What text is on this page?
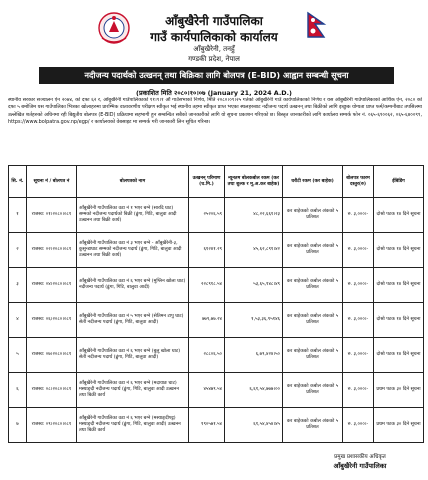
आँबुखैरेनी गाउँपालिका
गाउँ कार्यपालिकाको कार्यालय
आँबुखैरेनी, तनहुँ
गण्डकी प्रदेश, नेपाल
नदीजन्य पदार्थको उत्खनन् तथा बिक्रिका लागि बोलपत्र (E-BID) आह्वान सम्बन्धी सूचना
(प्रकाशित मिति २०८०।१०।०७ (January 21, 2024 A.D.)
स्थानीय सरकार सञ्चालन ऐन २०७४, को दफा ६२ र, आँबुखैरेनी गाउँपालिकाको ११।९।१ औं गाउँसभाको निर्णय, मिति २०८०।०९।२५ गतेको आँबुखैरेनी गाउँ कार्यपालिकाको निर्णय र यस आँबुखैरेनी गाउँपालिकाको आर्थिक ऐन, २०८० को दफा ५ बमोजिम यस गाउँपालिका भित्रका खोलाहरुमा प्रारम्भिक वातावरणीय परीक्षण स्वीकृत भई स्थानीय तहमा स्वीकृत प्राप्त भएका स्थलहरुबाट नदीजन्य पदार्थ उत्खनन् तथा बिक्रीको लागि इच्छुक योग्यता प्राप्त फर्म/कम्पनीबाट तपसिलमा उल्लेखित शर्तहरुको अधिनमा रही बिद्युतीय बोलपत्र (E-BID) प्रक्रियामा सहभागी हुन सम्बन्धित सबैको जानकारीको लागि यो सूचना प्रकाशन गरिएको छ। बिस्तृत जानकारीको लागि कार्यालय सम्पर्क फोन नं. ०६५-६९००६२, ०६५-६४००९९, https://www.bolpatra.gov.np/egp/ र कार्यालयको वेबसाइट मा सम्पर्क गरी जानकारी लिन सूचित गरिन्छ।
सि. नं.	सूचना नं / बोलपत्र नं	बोलपत्रको नाम	उत्खनन् परिमाण (घ.मि.)	न्यूनतम बोलकबोल रकम (कर तथा शुल्क र मू.अ.कर बाहेक)	धरौटी रकम (कर बाहेक)	बोलपत्र फारम दस्तुर(रु)	ईबिडिंग
१	राजस्व: ०१।२०८०।०८१	आँबुखैरेनी गाउँपालिका वडा नं १ भएर बग्ने (सारदि घाट) सम्मको नदीजन्य पदार्थको बिक्री (ढुंगा, गिटि, बालुवा आदी उत्खनन तथा बिक्री कार्य)	२५२०६.५९	४८,२२,६६१।२३	कर बाहेकको कबोल अंकको ५ प्रतिशत	रु. ३,०००।-	दोश्रो पटक १४ दिने सूचना
२	राजस्व: ०२।२०८०।०८१	आँबुखैरेनी गाउँपालिका वडा नं ३ भएर बग्ने - आँबुखैरेनी-३, कुसुन्डाघाट सम्मको नदीजन्य पदार्थ (ढुंगा, गिटि, बालुवा आदी उत्खनन तथा बिक्री कार्य)	६१२४१.२९	४५,६२,८९१।४२	कर बाहेकको कबोल अंकको ५ प्रतिशत	रु. ३,०००।-	दोश्रो पटक १४ दिने सूचना
३	राजस्व: ०४।२०८०।०८१	आँबुखैरेनी गाउँपालिका वडा नं ६ भएर बग्ने (मुग्लिन खोला घाट) नदीजन्य पदार्थ (ढुंगा, गिटि, बालुवा आदी)	२२८९१८.५४	५३,६५,१४८।४९	कर बाहेकको कबोल अंकको ५ प्रतिशत	रु. ३,०००।-	दोश्रो पटक १४ दिने सूचना
४	राजस्व: ०६।२०८०।०८१	आँबुखैरेनी गाउँपालिका वडा नं ५ भएर बग्ने (सेतिमन टापु घाट) सेती नदीजन्य पदार्थ (ढुंगा, गिटि, बालुवा आदी)	७७९,७७.२४	१,५३,३६,९५१४६	कर बाहेकको कबोल अंकको ५ प्रतिशत	रु. ३,०००।-	दोश्रो पटक १४ दिने सूचना
५	राजस्व: ०७।२०८०।०८१	आँबुखैरेनी गाउँपालिका वडा नं ६ भएर बग्ने (बुलु खोला घाट) सेती नदीजन्य पदार्थ (ढुंगा, गिटि, बालुवा आदी)	२८८०६.५०	६,७९,४२४।५०	कर बाहेकको कबोल अंकको ५ प्रतिशत	रु. ३,०००।-	दोश्रो पटक १४ दिने सूचना
६	राजस्व: ०८।२०८०।०८१	आँबुखैरेनी गाउँपालिका वडा नं ६ भएर बग्ने (मदायाङ घाट) मस्याङ्दी नदीजन्य पदार्थ (ढुंगा, गिटि, बालुवा आदी उत्खनन तथा बिक्री कार्य	४५४७९.५४	६,६१,५४,७७७।००	कर बाहेकको कबोल अंकको ५ प्रतिशत	रु. ३,०००।-	प्रथम पटक ३० दिने सूचना
७	राजस्व: ०९।२०८०।०८१	आँबुखैरेनी गाउँपालिका वडा नं ६ भएर बग्ने (मस्याङ्दीपट्ट) मस्याङ्दी नदीजन्य पदार्थ (ढुंगा, गिटि, बालुवा आदी) उत्खनन तथा बिक्री कार्य	१९०५७१.५४	६१,५४,४५४।४५	कर बाहेकको कबोल अंकको ५ प्रतिशत	रु. ३,०००।-	प्रथम पटक ३० दिने सूचना
प्रमुख प्रशासकीय अधिकृत
आँबुखैरेनी गाउँपालिका
